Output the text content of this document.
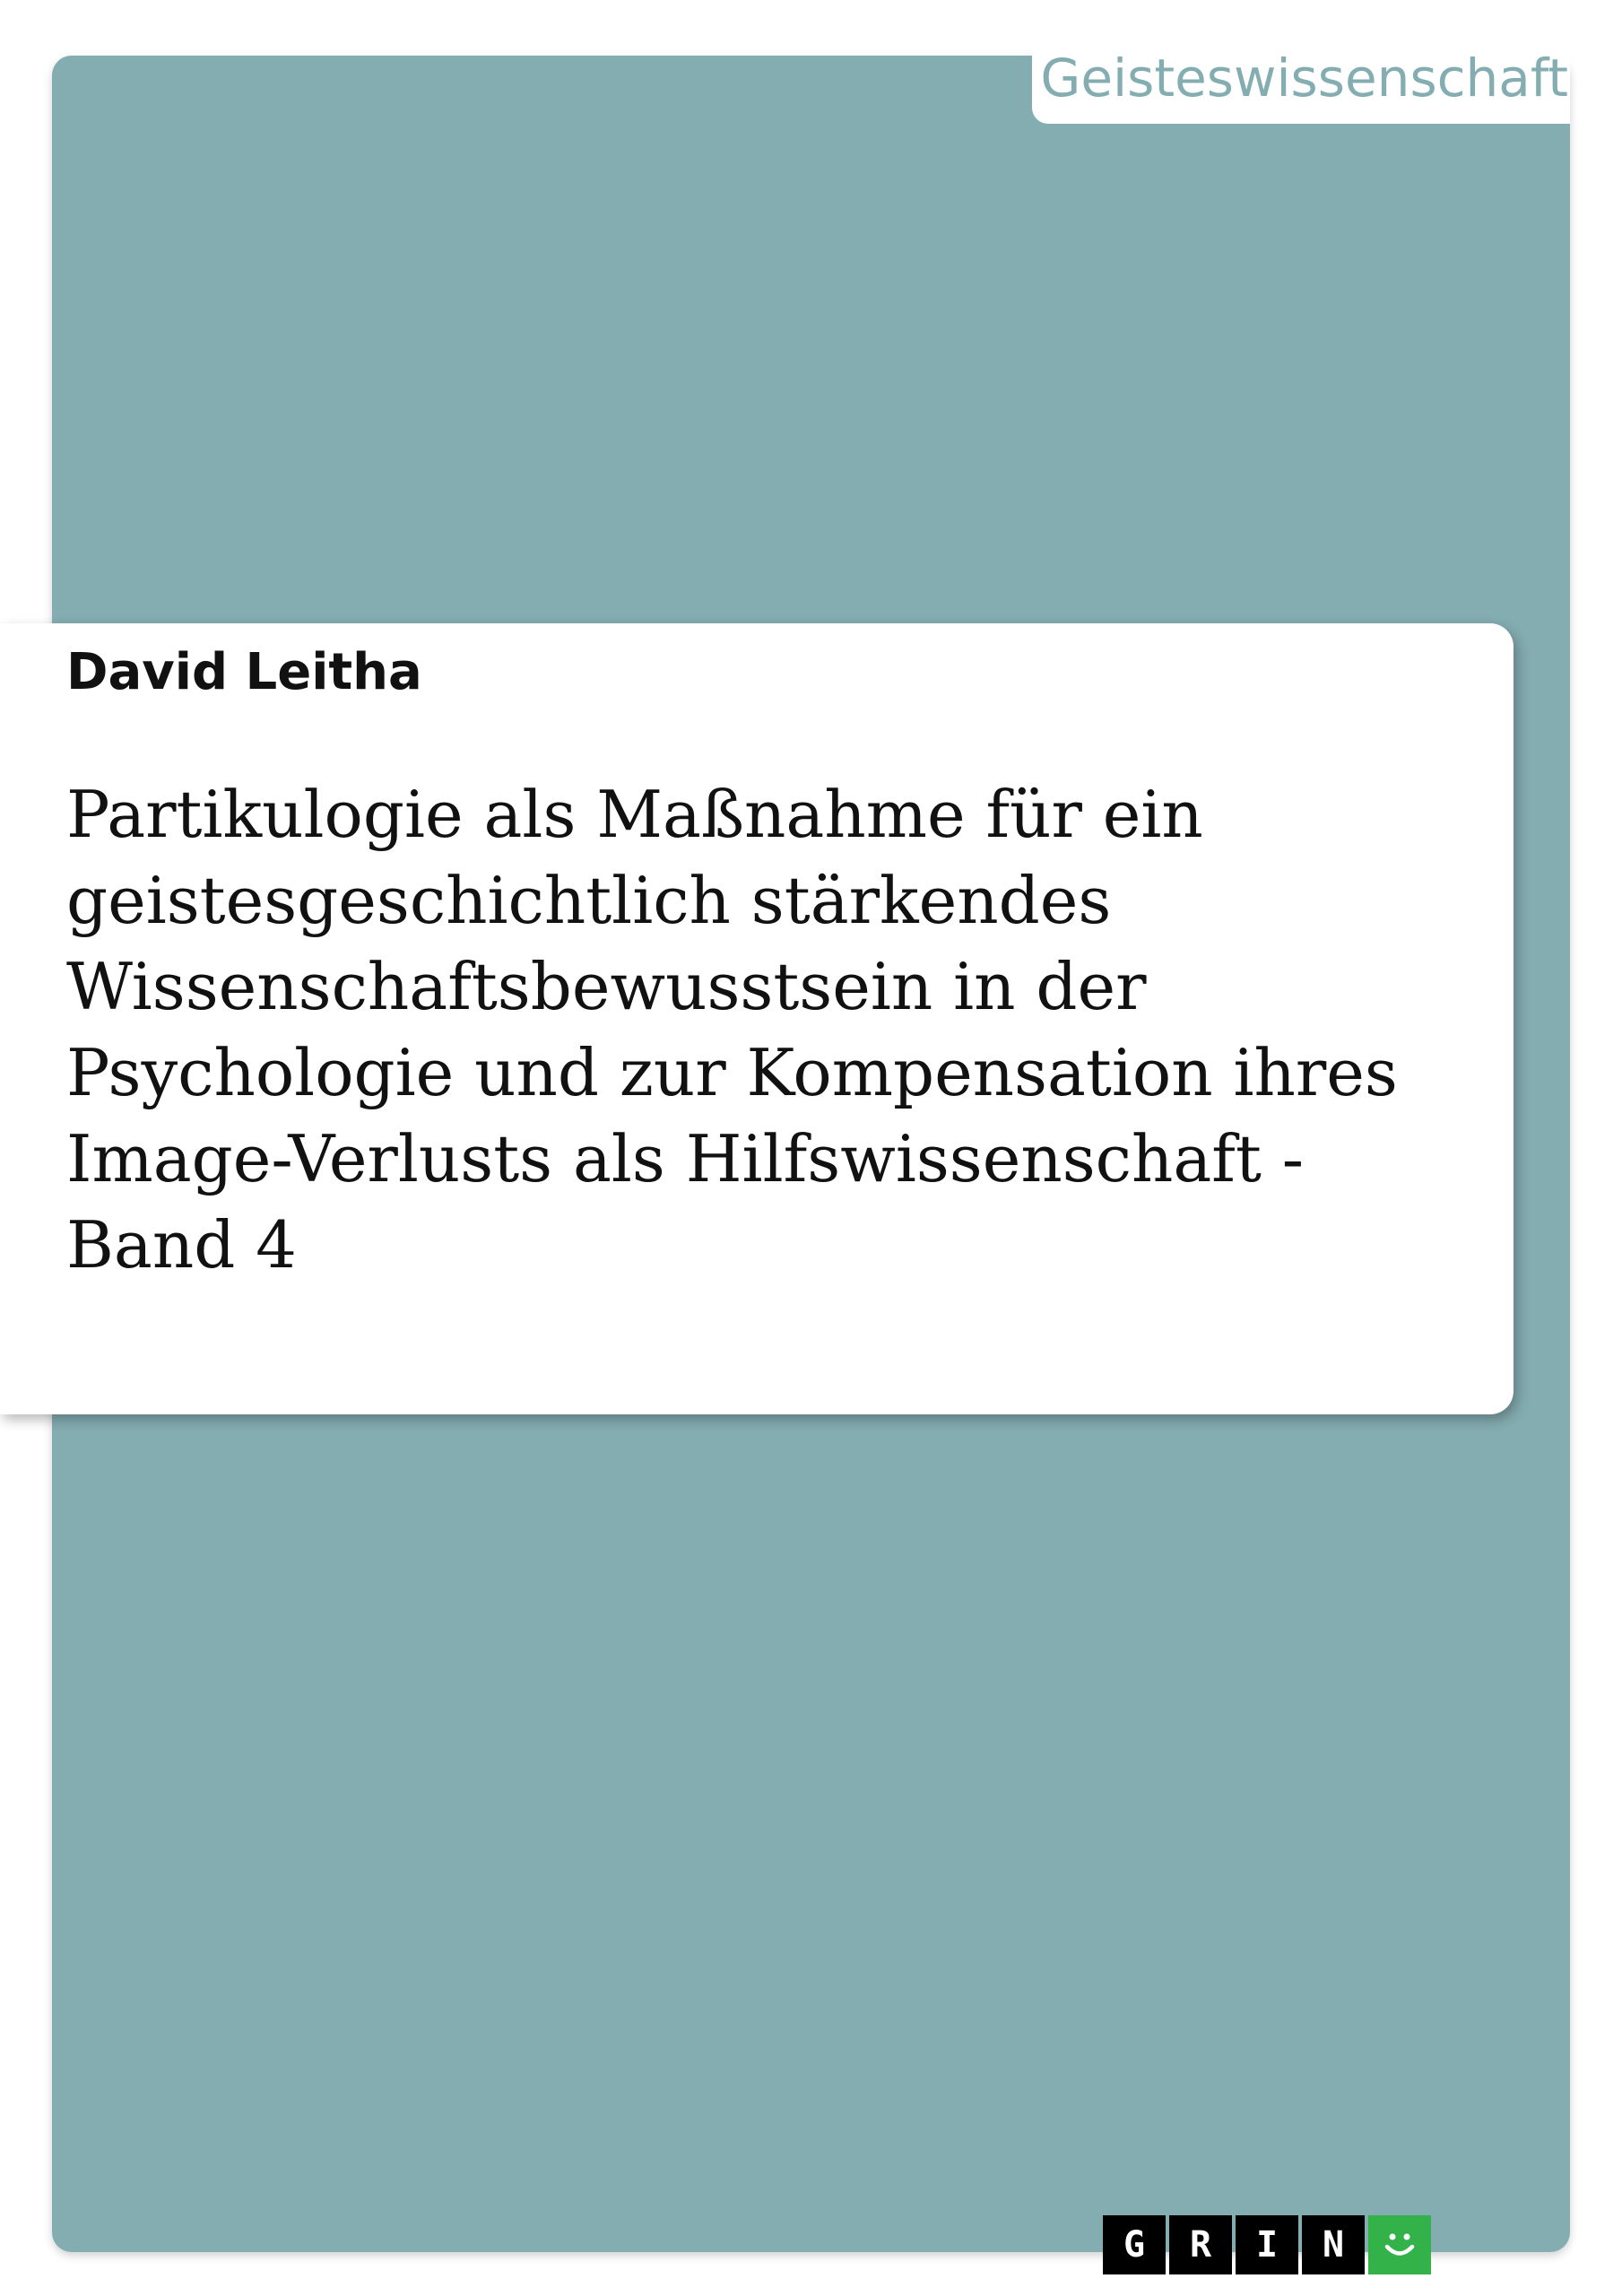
Geisteswissenschaft
David Leitha
Partikulogie als Maßnahme für ein geistesgeschichtlich stärkendes Wissenschaftsbewusstsein in der Psychologie und zur Kompensation ihres Image-Verlusts als Hilfswissenschaft - Band 4
G	R	I	N
